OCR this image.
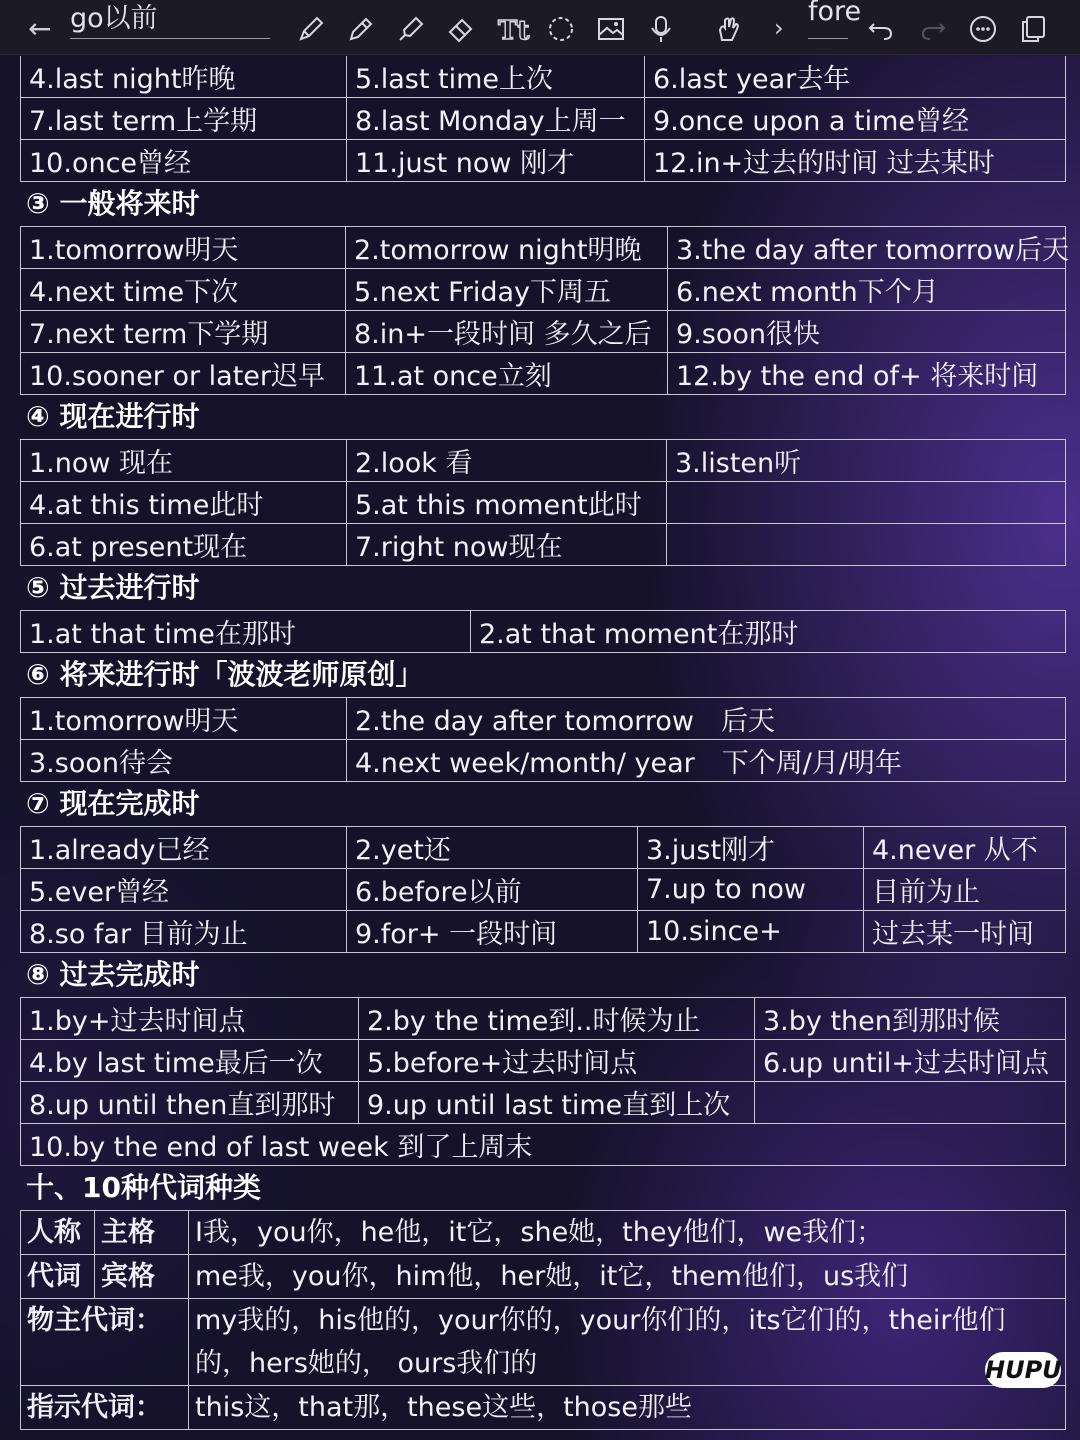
← go以前	Tt	›
fore
4.last night昨晚	5.last time上次	6.last year去年
7.last term上学期	8.last Monday上周一	9.once upon a time曾经
10.once曾经	11.just now 刚才	12.in+过去的时间 过去某时
③ 一般将来时
1.tomorrow明天	2.tomorrow night明晚	3.the day after tomorrow后天
4.next time下次	5.next Friday下周五	6.next month下个月
7.next term下学期	8.in+一段时间 多久之后	9.soon很快
10.sooner or later迟早	11.at once立刻	12.by the end of+ 将来时间
④ 现在进行时
1.now 现在	2.look 看	3.listen听
4.at this time此时	5.at this moment此时	
6.at present现在	7.right now现在	
⑤ 过去进行时
1.at that time在那时	2.at that moment在那时
⑥ 将来进行时「波波老师原创」
1.tomorrow明天	2.the day after tomorrow　后天
3.soon待会	4.next week/month/ year　下个周/月/明年
⑦ 现在完成时
1.already已经	2.yet还	3.just刚才	4.never 从不
5.ever曾经	6.before以前	7.up to now	目前为止
8.so far 目前为止	9.for+ 一段时间	10.since+	过去某一时间
⑧ 过去完成时
1.by+过去时间点	2.by the time到..时候为止	3.by then到那时候
4.by last time最后一次	5.before+过去时间点	6.up until+过去时间点
8.up until then直到那时	9.up until last time直到上次	
10.by the end of last week 到了上周末		
十、10种代词种类
人称	主格	I我，you你，he他，it它，she她，they他们，we我们；
代词	宾格	me我，you你，him他，her她，it它，them他们，us我们
物主代词：		my我的，his他的，your你的，your你们的，its它们的，their他们
的，hers她的， ours我们的

指示代词：		this这，that那，these这些，those那些
HUPU
